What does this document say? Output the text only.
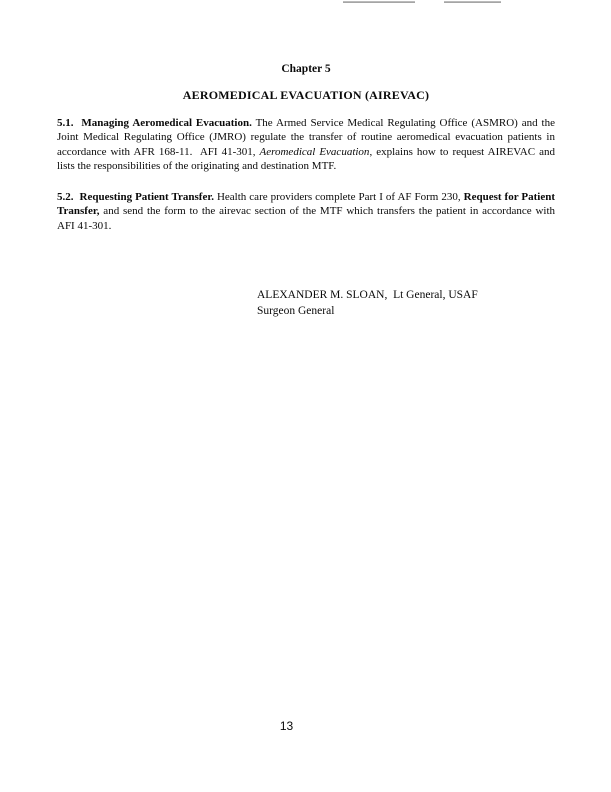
Chapter 5
AEROMEDICAL EVACUATION (AIREVAC)

5.1.  Managing Aeromedical Evacuation. The Armed Service Medical Regulating Office (ASMRO) and the Joint Medical Regulating Office (JMRO) regulate the transfer of routine aeromedical evacuation patients in accordance with AFR 168-11.  AFI 41-301, Aeromedical Evacuation, explains how to request AIREVAC and lists the responsibilities of the originating and destination MTF.

5.2.  Requesting Patient Transfer. Health care providers complete Part I of AF Form 230, Request for Patient Transfer, and send the form to the airevac section of the MTF which transfers the patient in accordance with AFI 41-301.

ALEXANDER M. SLOAN,  Lt General, USAF
Surgeon General
13
